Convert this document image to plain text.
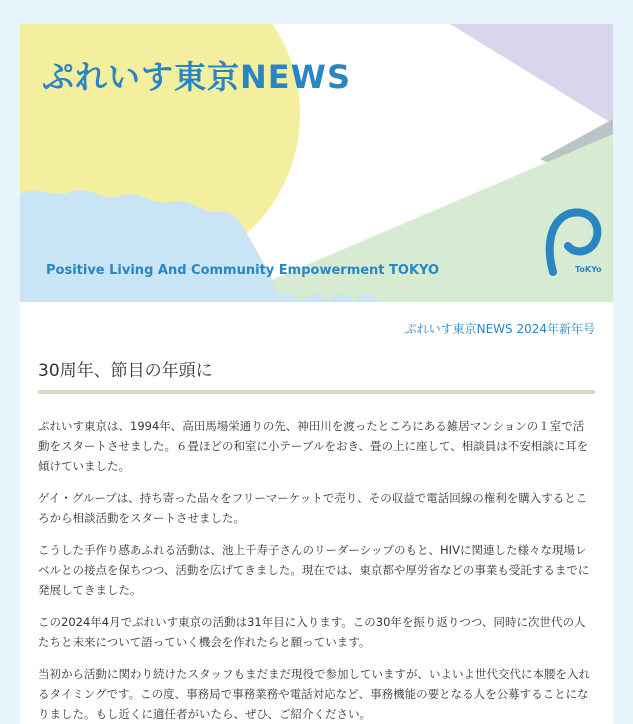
ぷれいす東京NEWS
Positive Living And Community Empowerment TOKYO	ToKYo
ぷれいす東京NEWS 2024年新年号
30周年、節目の年頭に

ぷれいす東京は、1994年、高田馬場栄通りの先、神田川を渡ったところにある雑居マンションの１室で活動をスタートさせました。６畳ほどの和室に小テーブルをおき、畳の上に座して、相談員は不安相談に耳を傾けていました。

ゲイ・グループは、持ち寄った品々をフリーマーケットで売り、その収益で電話回線の権利を購入するところから相談活動をスタートさせました。

こうした手作り感あふれる活動は、池上千寿子さんのリーダーシップのもと、HIVに関連した様々な現場レベルとの接点を保ちつつ、活動を広げてきました。現在では、東京都や厚労省などの事業も受託するまでに発展してきました。

この2024年4月でぷれいす東京の活動は31年目に入ります。この30年を振り返りつつ、同時に次世代の人たちと未来について語っていく機会を作れたらと願っています。

当初から活動に関わり続けたスタッフもまだまだ現役で参加していますが、いよいよ世代交代に本腰を入れるタイミングです。この度、事務局で事務業務や電話対応など、事務機能の要となる人を公募することになりました。もし近くに適任者がいたら、ぜひ、ご紹介ください。
